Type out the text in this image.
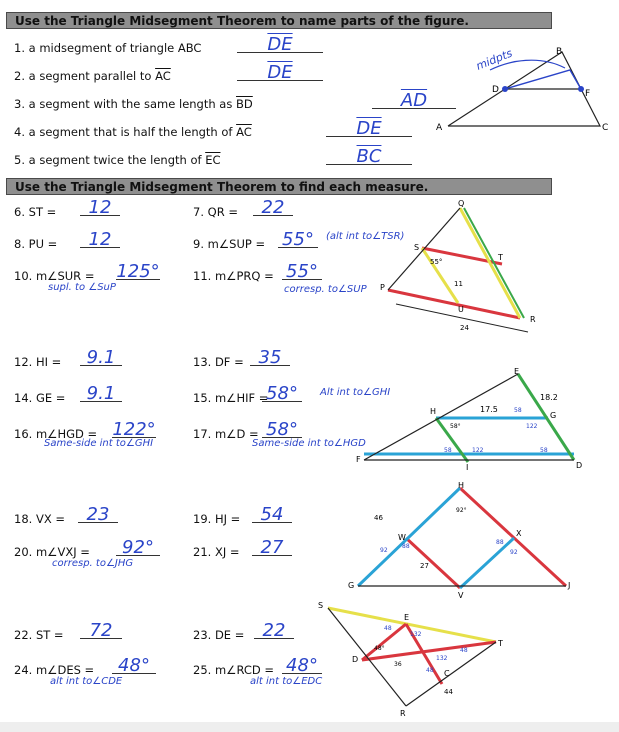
Use the Triangle Midsegment Theorem to name parts of the figure.
1. a midsegment of triangle ABC	$\overline{DE}$
2. a segment parallel to $\overline{AC}$	$\overline{DE}$
3. a segment with the same length as $\overline{BD}$	$\overline{AD}$
4. a segment that is half the length of $\overline{AC}$	$\overline{DE}$
5. a segment twice the length of $\overline{EC}$	$\overline{BC}$
midpts	B
A	C
D	F
Use the Triangle Midsegment Theorem to find each measure.
6. ST =	12	7. QR =	22
8. PU =	12	9. m∠SUP = 55°	(alt int to∠TSR)
10. m∠SUR = 125°
supl. to ∠SuP
11. m∠PRQ = 55°
corresp. to∠SUP
12. HI =	9.1	13. DF = 35
14. GE =	9.1	15. m∠HIF =
58°	Alt int to∠GHI
16. m∠HGD = 122°
Same-side int to∠GHI
17. m∠D = 58°
Same-side int to∠HGD
18. VX =	23	19. HJ =	54
20. m∠VXJ =	92°
corresp. to∠JHG
21. XJ =	27
22. ST =	72	23. DE =	22
24. m∠DES =	48°
alt int to∠CDE
25. m∠RCD = 48°
alt int to∠EDC
Q
S
T
P
U
R
55°
11
24
E
H	G
F
I	D
18.2
17.5
58°
58
122
58	122	58
H
W	X
G
V
J
46
92°
88
92
88
92
27
S
E
T
D
C
R
48
132
48°
36
48
132
48
44
